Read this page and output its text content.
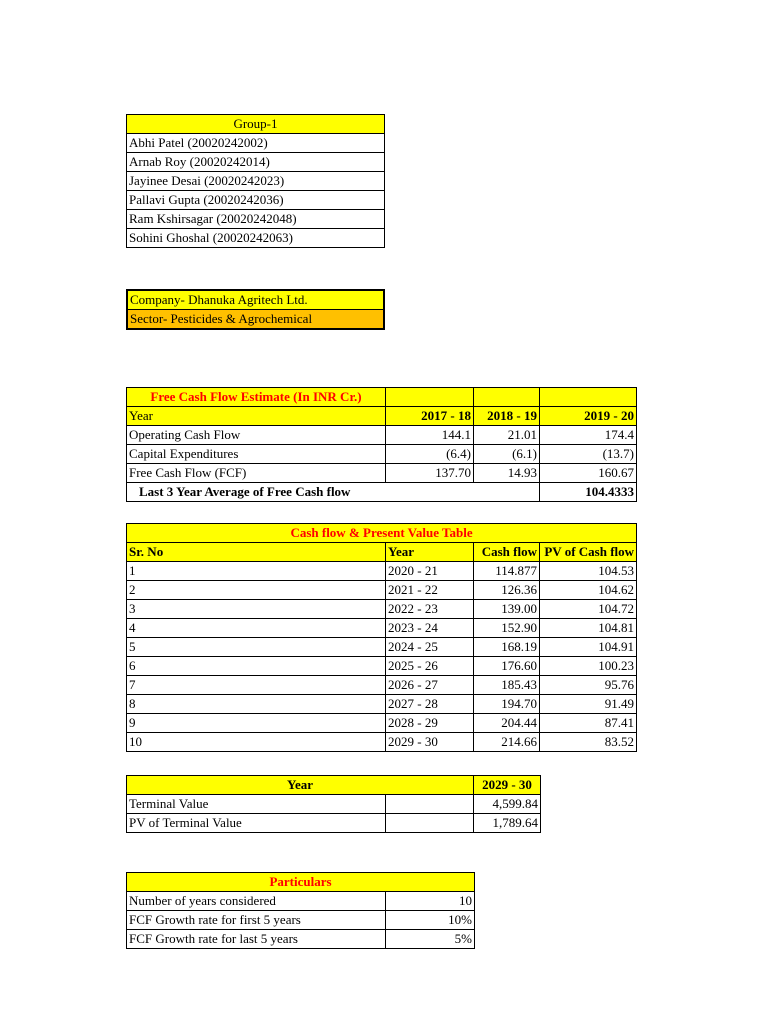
Group-1
Abhi Patel (20020242002)
Arnab Roy (20020242014)
Jayinee Desai (20020242023)
Pallavi Gupta (20020242036)
Ram Kshirsagar (20020242048)
Sohini Ghoshal (20020242063)
Company- Dhanuka Agritech Ltd.
Sector- Pesticides & Agrochemical
Free Cash Flow Estimate (In INR Cr.)			
Year	2017 - 18	2018 - 19	2019 - 20
Operating Cash Flow	144.1	21.01	174.4
Capital Expenditures	(6.4)	(6.1)	(13.7)
Free Cash Flow (FCF)	137.70	14.93	160.67
Last 3 Year Average of Free Cash flow			104.4333
Cash flow & Present Value Table			
Sr. No	Year	Cash flow	PV of Cash flow
1	2020 - 21	114.877	104.53
2	2021 - 22	126.36	104.62
3	2022 - 23	139.00	104.72
4	2023 - 24	152.90	104.81
5	2024 - 25	168.19	104.91
6	2025 - 26	176.60	100.23
7	2026 - 27	185.43	95.76
8	2027 - 28	194.70	91.49
9	2028 - 29	204.44	87.41
10	2029 - 30	214.66	83.52
Year		2029 - 30
Terminal Value		4,599.84
PV of Terminal Value		1,789.64
Particulars	
Number of years considered	10
FCF Growth rate for first 5 years	10%
FCF Growth rate for last 5 years	5%
